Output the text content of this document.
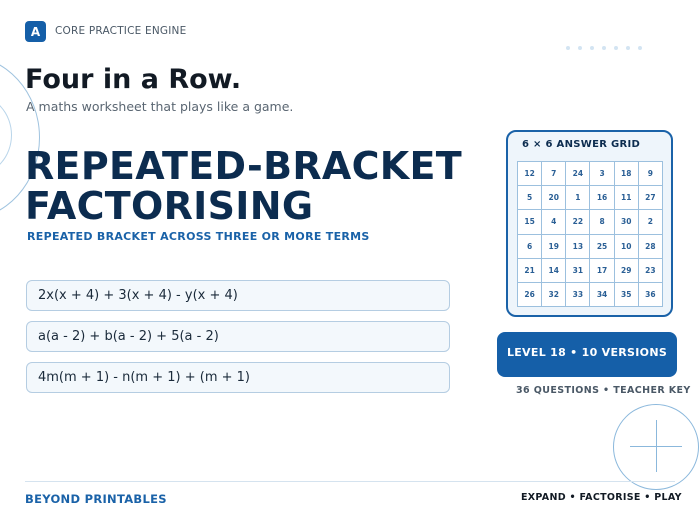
A	CORE PRACTICE ENGINE
Four in a Row.
A maths worksheet that plays like a game.
REPEATED-BRACKET FACTORISING
REPEATED BRACKET ACROSS THREE OR MORE TERMS
2x(x + 4) + 3(x + 4) - y(x + 4)
a(a - 2) + b(a - 2) + 5(a - 2)
4m(m + 1) - n(m + 1) + (m + 1)
6 × 6 ANSWER GRID
12	7	24	3	18	9
5	20	1	16	11	27
15	4	22	8	30	2
6	19	13	25	10	28
21	14	31	17	29	23
26	32	33	34	35	36
LEVEL 18 • 10 VERSIONS
36 QUESTIONS • TEACHER KEY
BEYOND PRINTABLES	EXPAND • FACTORISE • PLAY
